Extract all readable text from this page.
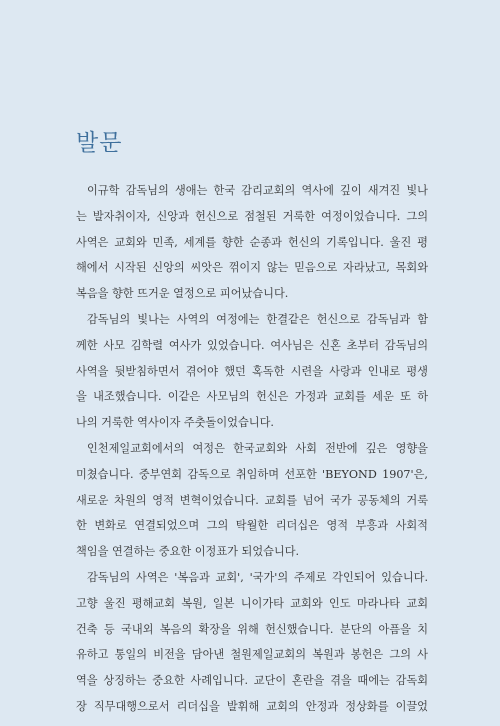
발문

이규학 감독님의 생애는 한국 감리교회의 역사에 깊이 새겨진 빛나
는 발자취이자, 신앙과 헌신으로 점철된 거룩한 여정이었습니다. 그의
사역은 교회와 민족, 세계를 향한 순종과 헌신의 기록입니다. 울진 평
해에서 시작된 신앙의 씨앗은 꺾이지 않는 믿음으로 자라났고, 목회와
복음을 향한 뜨거운 열정으로 피어났습니다.

감독님의 빛나는 사역의 여정에는 한결같은 헌신으로 감독님과 함
께한 사모 김학렬 여사가 있었습니다. 여사님은 신혼 초부터 감독님의
사역을 뒷받침하면서 겪어야 했던 혹독한 시련을 사랑과 인내로 평생
을 내조했습니다. 이같은 사모님의 헌신은 가정과 교회를 세운 또 하
나의 거룩한 역사이자 주춧돌이었습니다.

인천제일교회에서의 여정은 한국교회와 사회 전반에 깊은 영향을
미쳤습니다. 중부연회 감독으로 취임하며 선포한 'BEYOND 1907'은,
새로운 차원의 영적 변혁이었습니다. 교회를 넘어 국가 공동체의 거룩
한 변화로 연결되었으며 그의 탁월한 리더십은 영적 부흥과 사회적
책임을 연결하는 중요한 이정표가 되었습니다.

감독님의 사역은 '복음과 교회', '국가'의 주제로 각인되어 있습니다.
고향 울진 평해교회 복원, 일본 니이가타 교회와 인도 마라나타 교회
건축 등 국내외 복음의 확장을 위해 헌신했습니다. 분단의 아픔을 치
유하고 통일의 비전을 담아낸 철원제일교회의 복원과 봉헌은 그의 사
역을 상징하는 중요한 사례입니다. 교단이 혼란을 겪을 때에는 감독회
장 직무대행으로서 리더십을 발휘해 교회의 안정과 정상화를 이끌었
